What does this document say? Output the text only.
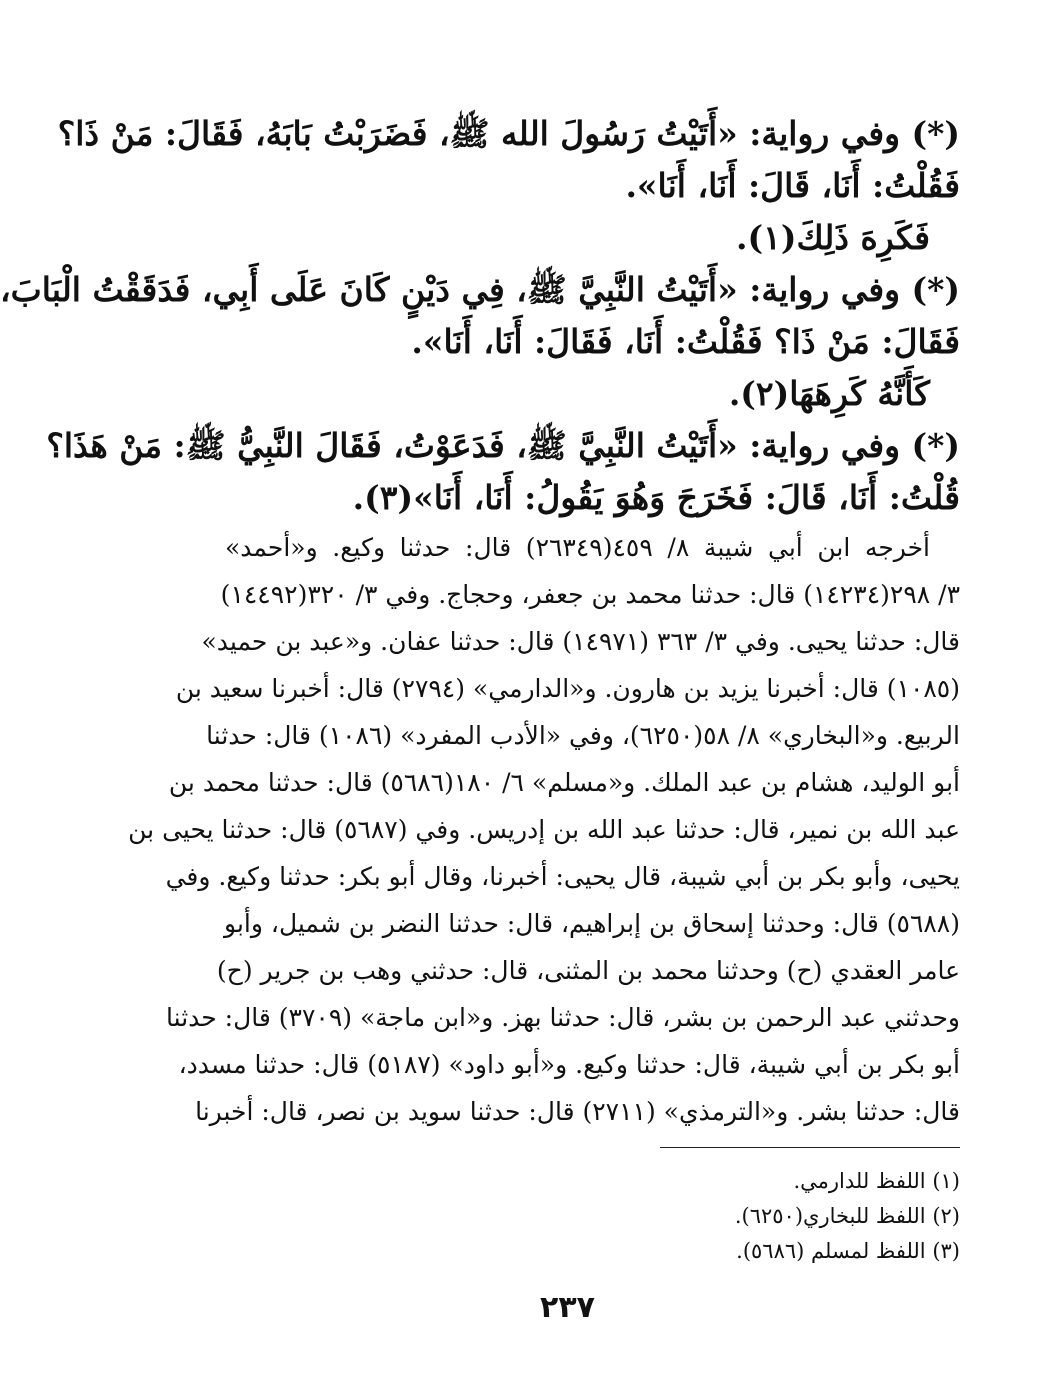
(*) وفي رواية: «أَتَيْتُ رَسُولَ الله ﷺ، فَضَرَبْتُ بَابَهُ، فَقَالَ: مَنْ ذَا؟
فَقُلْتُ: أَنَا، قَالَ: أَنَا، أَنَا».
فَكَرِهَ ذَلِكَ(١).
(*) وفي رواية: «أَتَيْتُ النَّبِيَّ ﷺ، فِي دَيْنٍ كَانَ عَلَى أَبِي، فَدَقَقْتُ الْبَابَ،
فَقَالَ: مَنْ ذَا؟ فَقُلْتُ: أَنَا، فَقَالَ: أَنَا، أَنَا».
كَأَنَّهُ كَرِهَهَا(٢).
(*) وفي رواية: «أَتَيْتُ النَّبِيَّ ﷺ، فَدَعَوْتُ، فَقَالَ النَّبِيُّ ﷺ: مَنْ هَذَا؟
قُلْتُ: أَنَا، قَالَ: فَخَرَجَ وَهُوَ يَقُولُ: أَنَا، أَنَا»(٣).
أخرجه ابن أبي شيبة ٨/ ٤٥٩(٢٦٣٤٩) قال: حدثنا وكيع. و«أحمد»
٣/ ٢٩٨(١٤٢٣٤) قال: حدثنا محمد بن جعفر، وحجاج. وفي ٣/ ٣٢٠(١٤٤٩٢)
قال: حدثنا يحيى. وفي ٣/ ٣٦٣ (١٤٩٧١) قال: حدثنا عفان. و«عبد بن حميد»
(١٠٨٥) قال: أخبرنا يزيد بن هارون. و«الدارمي» (٢٧٩٤) قال: أخبرنا سعيد بن
الربيع. و«البخاري» ٨/ ٥٨(٦٢٥٠)، وفي «الأدب المفرد» (١٠٨٦) قال: حدثنا
أبو الوليد، هشام بن عبد الملك. و«مسلم» ٦/ ١٨٠(٥٦٨٦) قال: حدثنا محمد بن
عبد الله بن نمير، قال: حدثنا عبد الله بن إدريس. وفي (٥٦٨٧) قال: حدثنا يحيى بن
يحيى، وأبو بكر بن أبي شيبة، قال يحيى: أخبرنا، وقال أبو بكر: حدثنا وكيع. وفي
(٥٦٨٨) قال: وحدثنا إسحاق بن إبراهيم، قال: حدثنا النضر بن شميل، وأبو
عامر العقدي (ح) وحدثنا محمد بن المثنى، قال: حدثني وهب بن جرير (ح)
وحدثني عبد الرحمن بن بشر، قال: حدثنا بهز. و«ابن ماجة» (٣٧٠٩) قال: حدثنا
أبو بكر بن أبي شيبة، قال: حدثنا وكيع. و«أبو داود» (٥١٨٧) قال: حدثنا مسدد،
قال: حدثنا بشر. و«الترمذي» (٢٧١١) قال: حدثنا سويد بن نصر، قال: أخبرنا
(١) اللفظ للدارمي.
(٢) اللفظ للبخاري(٦٢٥٠).
(٣) اللفظ لمسلم (٥٦٨٦).
٢٣٧
